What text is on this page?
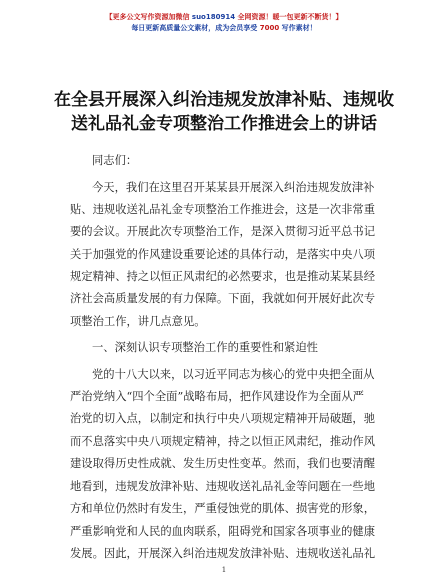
【更多公文写作资源加微信 suo180914 全网资源！暖一包更新不断货！】
每日更新高质量公文素材，成为会员享受 7000 写作素材！
在全县开展深入纠治违规发放津补贴、违规收
送礼品礼金专项整治工作推进会上的讲话
同志们：
今天，我们在这里召开某某县开展深入纠治违规发放津补
贴、违规收送礼品礼金专项整治工作推进会，这是一次非常重
要的会议。开展此次专项整治工作，是深入贯彻习近平总书记
关于加强党的作风建设重要论述的具体行动，是落实中央八项
规定精神、持之以恒正风肃纪的必然要求，也是推动某某县经
济社会高质量发展的有力保障。下面，我就如何开展好此次专
项整治工作，讲几点意见。
一、深刻认识专项整治工作的重要性和紧迫性
党的十八大以来，以习近平同志为核心的党中央把全面从
严治党纳入“四个全面”战略布局，把作风建设作为全面从严
治党的切入点，以制定和执行中央八项规定精神开局破题，驰
而不息落实中央八项规定精神，持之以恒正风肃纪，推动作风
建设取得历史性成就、发生历史性变革。然而，我们也要清醒
地看到，违规发放津补贴、违规收送礼品礼金等问题在一些地
方和单位仍然时有发生，严重侵蚀党的肌体、损害党的形象，
严重影响党和人民的血肉联系，阻碍党和国家各项事业的健康
发展。因此，开展深入纠治违规发放津补贴、违规收送礼品礼
1
